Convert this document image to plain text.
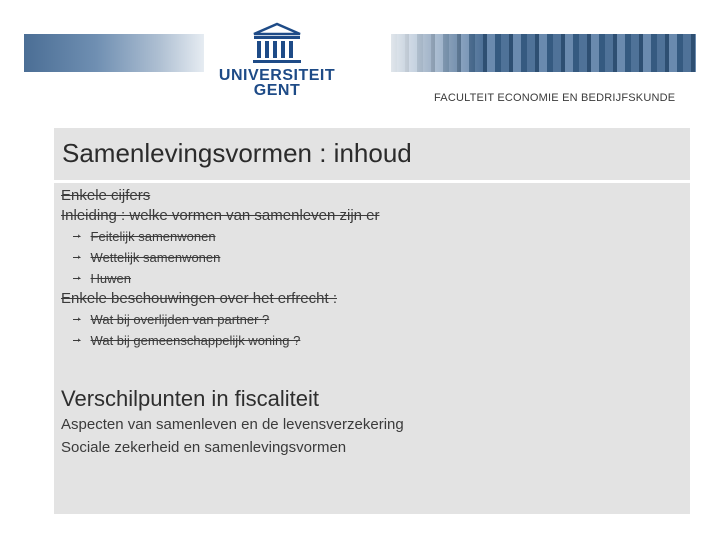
UNIVERSITEIT
GENT	FACULTEIT ECONOMIE EN BEDRIJFSKUNDE
Samenlevingsvormen : inhoud
Enkele cijfers
Inleiding : welke vormen van samenleven zijn er
➝ Feitelijk samenwonen
➝ Wettelijk samenwonen
➝ Huwen
Enkele beschouwingen over het erfrecht :
➝ Wat bij overlijden van partner ?
➝ Wat bij gemeenschappelijk woning ?
Verschilpunten in fiscaliteit
Aspecten van samenleven en de levensverzekering
Sociale zekerheid en samenlevingsvormen
